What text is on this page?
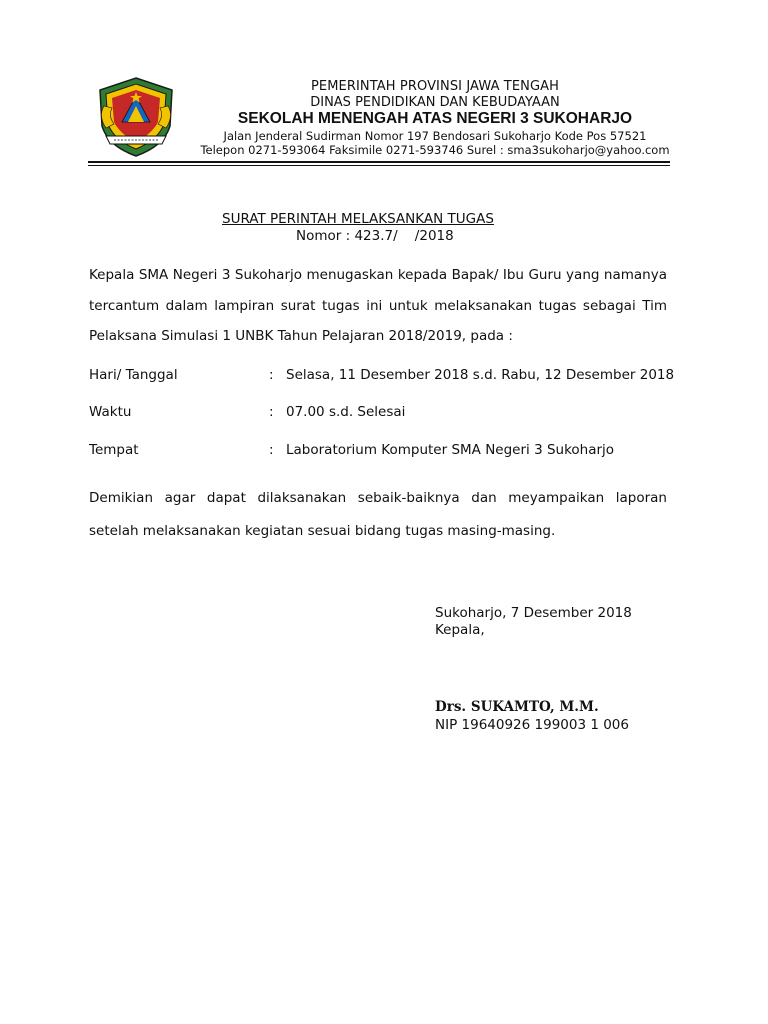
PEMERINTAH PROVINSI JAWA TENGAH
DINAS PENDIDIKAN DAN KEBUDAYAAN
SEKOLAH MENENGAH ATAS NEGERI 3 SUKOHARJO
Jalan Jenderal Sudirman Nomor 197 Bendosari Sukoharjo Kode Pos 57521
Telepon 0271-593064 Faksimile 0271-593746 Surel : sma3sukoharjo@yahoo.com
SURAT PERINTAH MELAKSANKAN TUGAS
Nomor : 423.7/    /2018
Kepala SMA Negeri 3 Sukoharjo menugaskan kepada Bapak/ Ibu Guru yang namanya tercantum dalam lampiran surat tugas ini untuk melaksanakan tugas sebagai Tim Pelaksana Simulasi 1 UNBK Tahun Pelajaran 2018/2019, pada :
Hari/ Tanggal	: Selasa, 11 Desember 2018 s.d. Rabu, 12 Desember 2018
Waktu	: 07.00 s.d. Selesai
Tempat	: Laboratorium Komputer SMA Negeri 3 Sukoharjo
Demikian agar dapat dilaksanakan sebaik-baiknya dan meyampaikan laporan setelah melaksanakan kegiatan sesuai bidang tugas masing-masing.
Sukoharjo, 7 Desember 2018
Kepala,
Drs. SUKAMTO, M.M.
NIP 19640926 199003 1 006
